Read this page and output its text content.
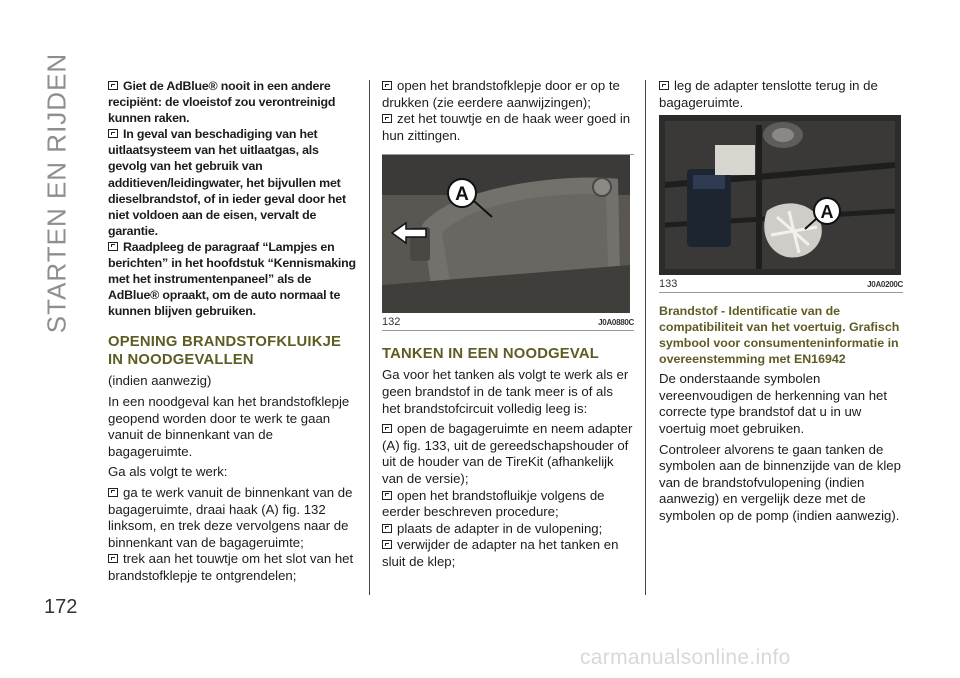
STARTEN EN RIJDEN
172

Giet de AdBlue® nooit in een andere recipiënt: de vloeistof zou verontreinigd kunnen raken.

In geval van beschadiging van het uitlaatsysteem van het uitlaatgas, als gevolg van het gebruik van additieven/leidingwater, het bijvullen met dieselbrandstof, of in ieder geval door het niet voldoen aan de eisen, vervalt de garantie.

Raadpleeg de paragraaf “Lampjes en berichten” in het hoofdstuk “Kennismaking met het instrumentenpaneel” als de AdBlue® opraakt, om de auto normaal te kunnen blijven gebruiken.

OPENING BRANDSTOFKLUIKJE IN NOODGEVALLEN

(indien aanwezig)

In een noodgeval kan het brandstofklepje geopend worden door te werk te gaan vanuit de binnenkant van de bagageruimte.

Ga als volgt te werk:

ga te werk vanuit de binnenkant van de bagageruimte, draai haak (A) fig. 132 linksom, en trek deze vervolgens naar de binnenkant van de bagageruimte;

trek aan het touwtje om het slot van het brandstofklepje te ontgrendelen;

open het brandstofklepje door er op te drukken (zie eerdere aanwijzingen);

zet het touwtje en de haak weer goed in hun zittingen.

A
132	J0A0880C
TANKEN IN EEN NOODGEVAL

Ga voor het tanken als volgt te werk als er geen brandstof in de tank meer is of als het brandstofcircuit volledig leeg is:

open de bagageruimte en neem adapter (A) fig. 133, uit de gereedschapshouder of uit de houder van de TireKit (afhankelijk van de versie);

open het brandstofluikje volgens de eerder beschreven procedure;

plaats de adapter in de vulopening;

verwijder de adapter na het tanken en sluit de klep;

leg de adapter tenslotte terug in de bagageruimte.

A
133	J0A0200C
Brandstof - Identificatie van de compatibiliteit van het voertuig. Grafisch symbool voor consumenteninformatie in overeenstemming met EN16942

De onderstaande symbolen vereenvoudigen de herkenning van het correcte type brandstof dat u in uw voertuig moet gebruiken.

Controleer alvorens te gaan tanken de symbolen aan de binnenzijde van de klep van de brandstofvulopening (indien aanwezig) en vergelijk deze met de symbolen op de pomp (indien aanwezig).

carmanualsonline.info
